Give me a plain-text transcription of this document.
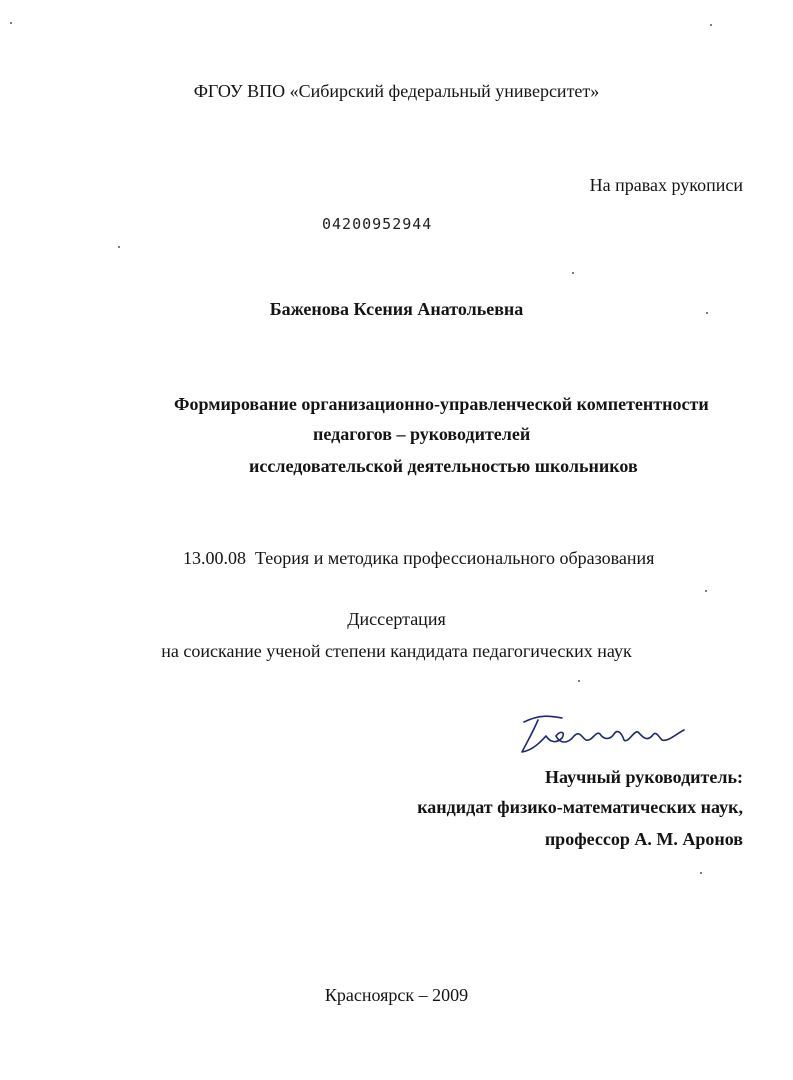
ФГОУ ВПО «Сибирский федеральный университет»
На правах рукописи
04200952944
Баженова Ксения Анатольевна
Формирование организационно-управленческой компетентности
педагогов – руководителей
исследовательской деятельностью школьников
13.00.08  Теория и методика профессионального образования
Диссертация
на соискание ученой степени кандидата педагогических наук
Научный руководитель:
кандидат физико-математических наук,
профессор А. М. Аронов
Красноярск – 2009
